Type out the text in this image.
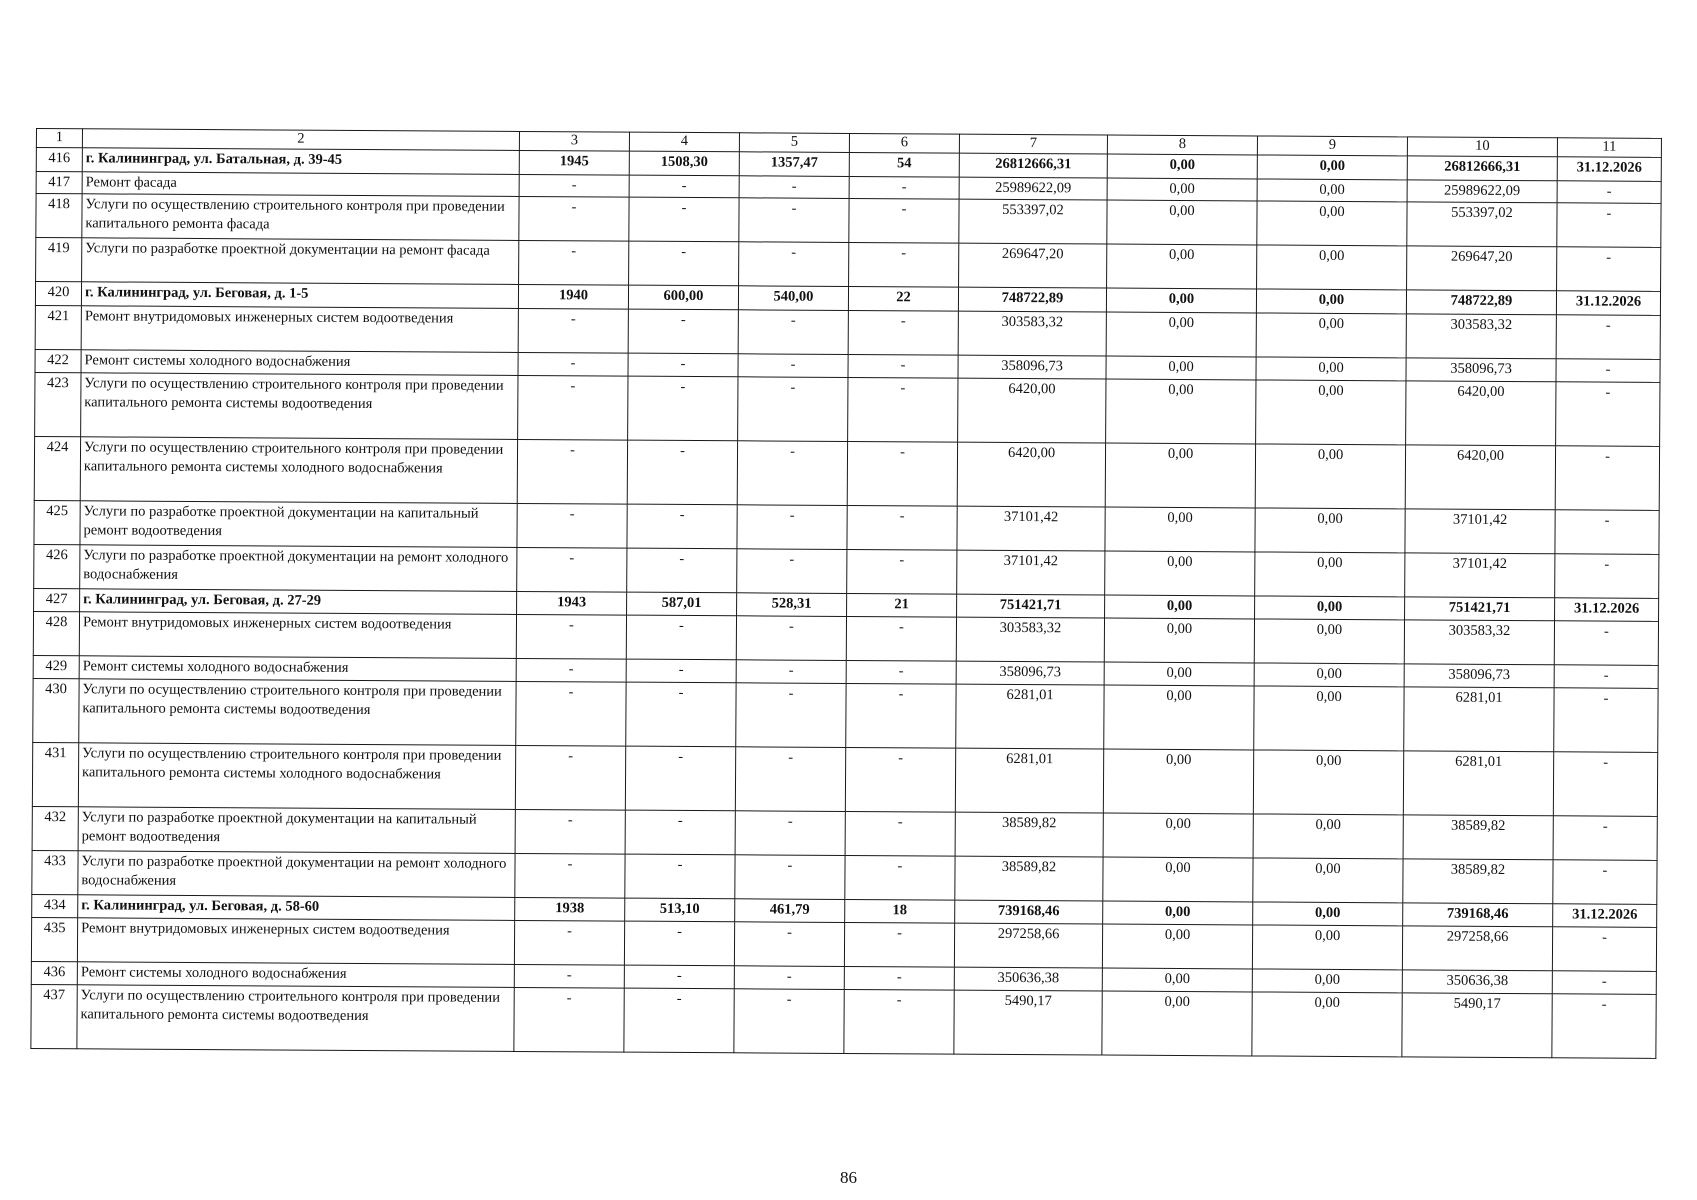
1	2	3	4	5	6	7	8	9	10	11
416	г. Калининград, ул. Батальная, д. 39-45	1945	1508,30	1357,47	54	26812666,31	0,00	0,00	26812666,31	31.12.2026
417	Ремонт фасада	-	-	-	-	25989622,09	0,00	0,00	25989622,09	-
418	Услуги по осуществлению строительного контроля при проведении капитального ремонта фасада	-	-	-	-	553397,02	0,00	0,00	553397,02	-
419	Услуги по разработке проектной документации на ремонт фасада	-	-	-	-	269647,20	0,00	0,00	269647,20	-
420	г. Калининград, ул. Беговая, д. 1-5	1940	600,00	540,00	22	748722,89	0,00	0,00	748722,89	31.12.2026
421	Ремонт внутридомовых инженерных систем водоотведения	-	-	-	-	303583,32	0,00	0,00	303583,32	-
422	Ремонт системы холодного водоснабжения	-	-	-	-	358096,73	0,00	0,00	358096,73	-
423	Услуги по осуществлению строительного контроля при проведении капитального ремонта системы водоотведения	-	-	-	-	6420,00	0,00	0,00	6420,00	-
424	Услуги по осуществлению строительного контроля при проведении капитального ремонта системы холодного водоснабжения	-	-	-	-	6420,00	0,00	0,00	6420,00	-
425	Услуги по разработке проектной документации на капитальный ремонт водоотведения	-	-	-	-	37101,42	0,00	0,00	37101,42	-
426	Услуги по разработке проектной документации на ремонт холодного водоснабжения	-	-	-	-	37101,42	0,00	0,00	37101,42	-
427	г. Калининград, ул. Беговая, д. 27-29	1943	587,01	528,31	21	751421,71	0,00	0,00	751421,71	31.12.2026
428	Ремонт внутридомовых инженерных систем водоотведения	-	-	-	-	303583,32	0,00	0,00	303583,32	-
429	Ремонт системы холодного водоснабжения	-	-	-	-	358096,73	0,00	0,00	358096,73	-
430	Услуги по осуществлению строительного контроля при проведении капитального ремонта системы водоотведения	-	-	-	-	6281,01	0,00	0,00	6281,01	-
431	Услуги по осуществлению строительного контроля при проведении капитального ремонта системы холодного водоснабжения	-	-	-	-	6281,01	0,00	0,00	6281,01	-
432	Услуги по разработке проектной документации на капитальный ремонт водоотведения	-	-	-	-	38589,82	0,00	0,00	38589,82	-
433	Услуги по разработке проектной документации на ремонт холодного водоснабжения	-	-	-	-	38589,82	0,00	0,00	38589,82	-
434	г. Калининград, ул. Беговая, д. 58-60	1938	513,10	461,79	18	739168,46	0,00	0,00	739168,46	31.12.2026
435	Ремонт внутридомовых инженерных систем водоотведения	-	-	-	-	297258,66	0,00	0,00	297258,66	-
436	Ремонт системы холодного водоснабжения	-	-	-	-	350636,38	0,00	0,00	350636,38	-
437	Услуги по осуществлению строительного контроля при проведении капитального ремонта системы водоотведения	-	-	-	-	5490,17	0,00	0,00	5490,17	-
86
